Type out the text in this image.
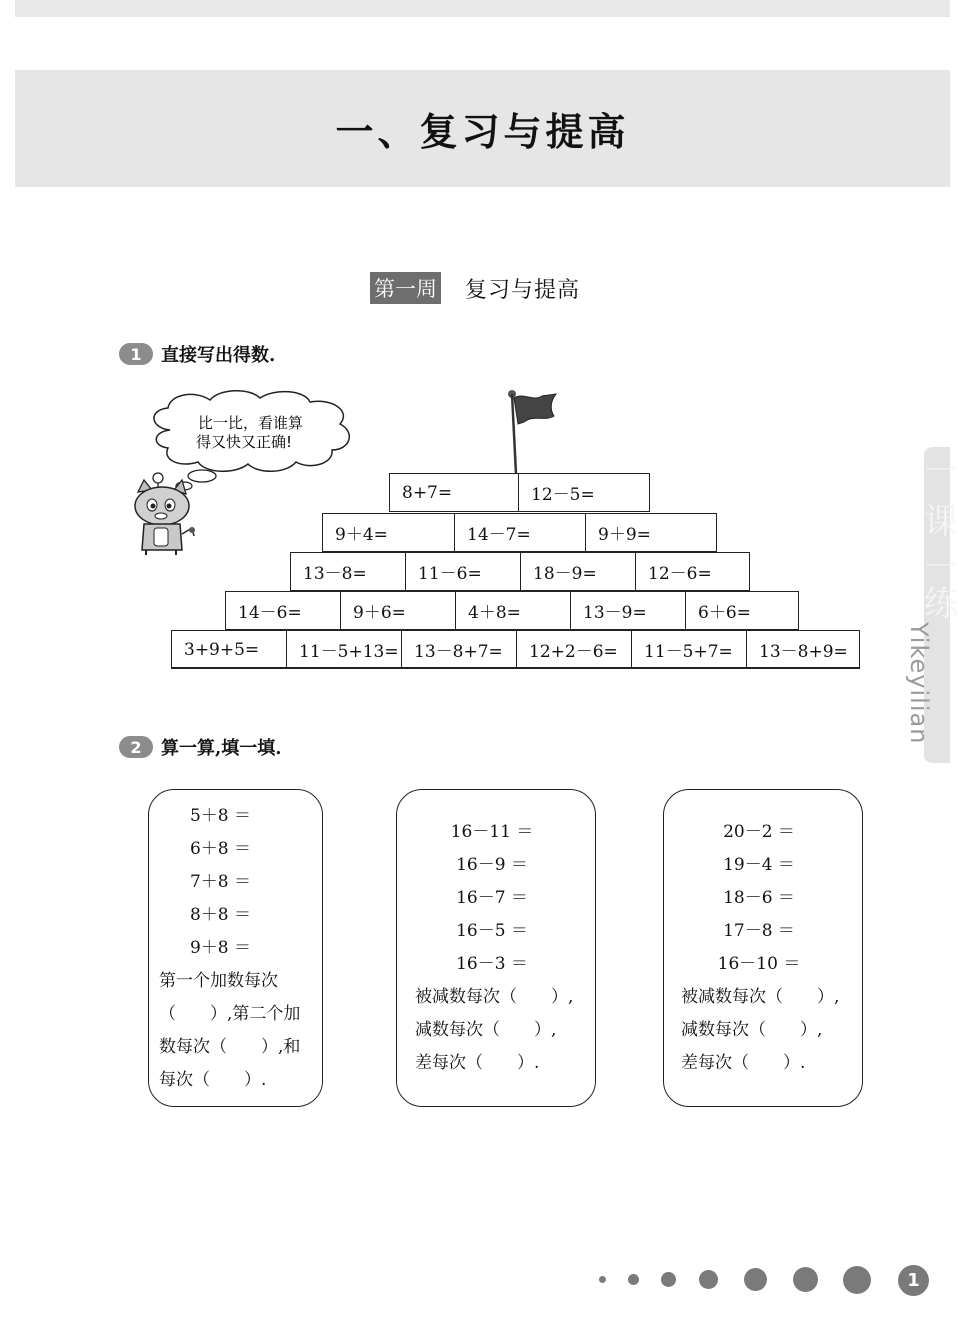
一、复习与提高
一
课
一
练
Yikeyilian
第一周 复习与提高
1	直接写出得数.
比一比，看谁算
得又快又正确!
8+7=	12－5=
9＋4=	14－7=	9＋9=
13－8=	11－6=	18－9=	12－6=
14－6=	9＋6=	4＋8=	13－9=	6＋6=
3+9+5=	11－5+13= 13－8+7=	12+2－6=	11－5+7=	13－8+9=
2	算一算,填一填.
5＋8 ＝
6＋8 ＝
7＋8 ＝
8＋8 ＝
9＋8 ＝
第一个加数每次
（　　）,第二个加
数每次（　　）,和
每次（　　）.
16－11 ＝
16－9 ＝
16－7 ＝
16－5 ＝
16－3 ＝
被减数每次（　　）,
减数每次（　　）,
差每次（　　）.
20－2 ＝
19－4 ＝
18－6 ＝
17－8 ＝
16－10 ＝
被减数每次（　　）,
减数每次（　　）,
差每次（　　）.
1
